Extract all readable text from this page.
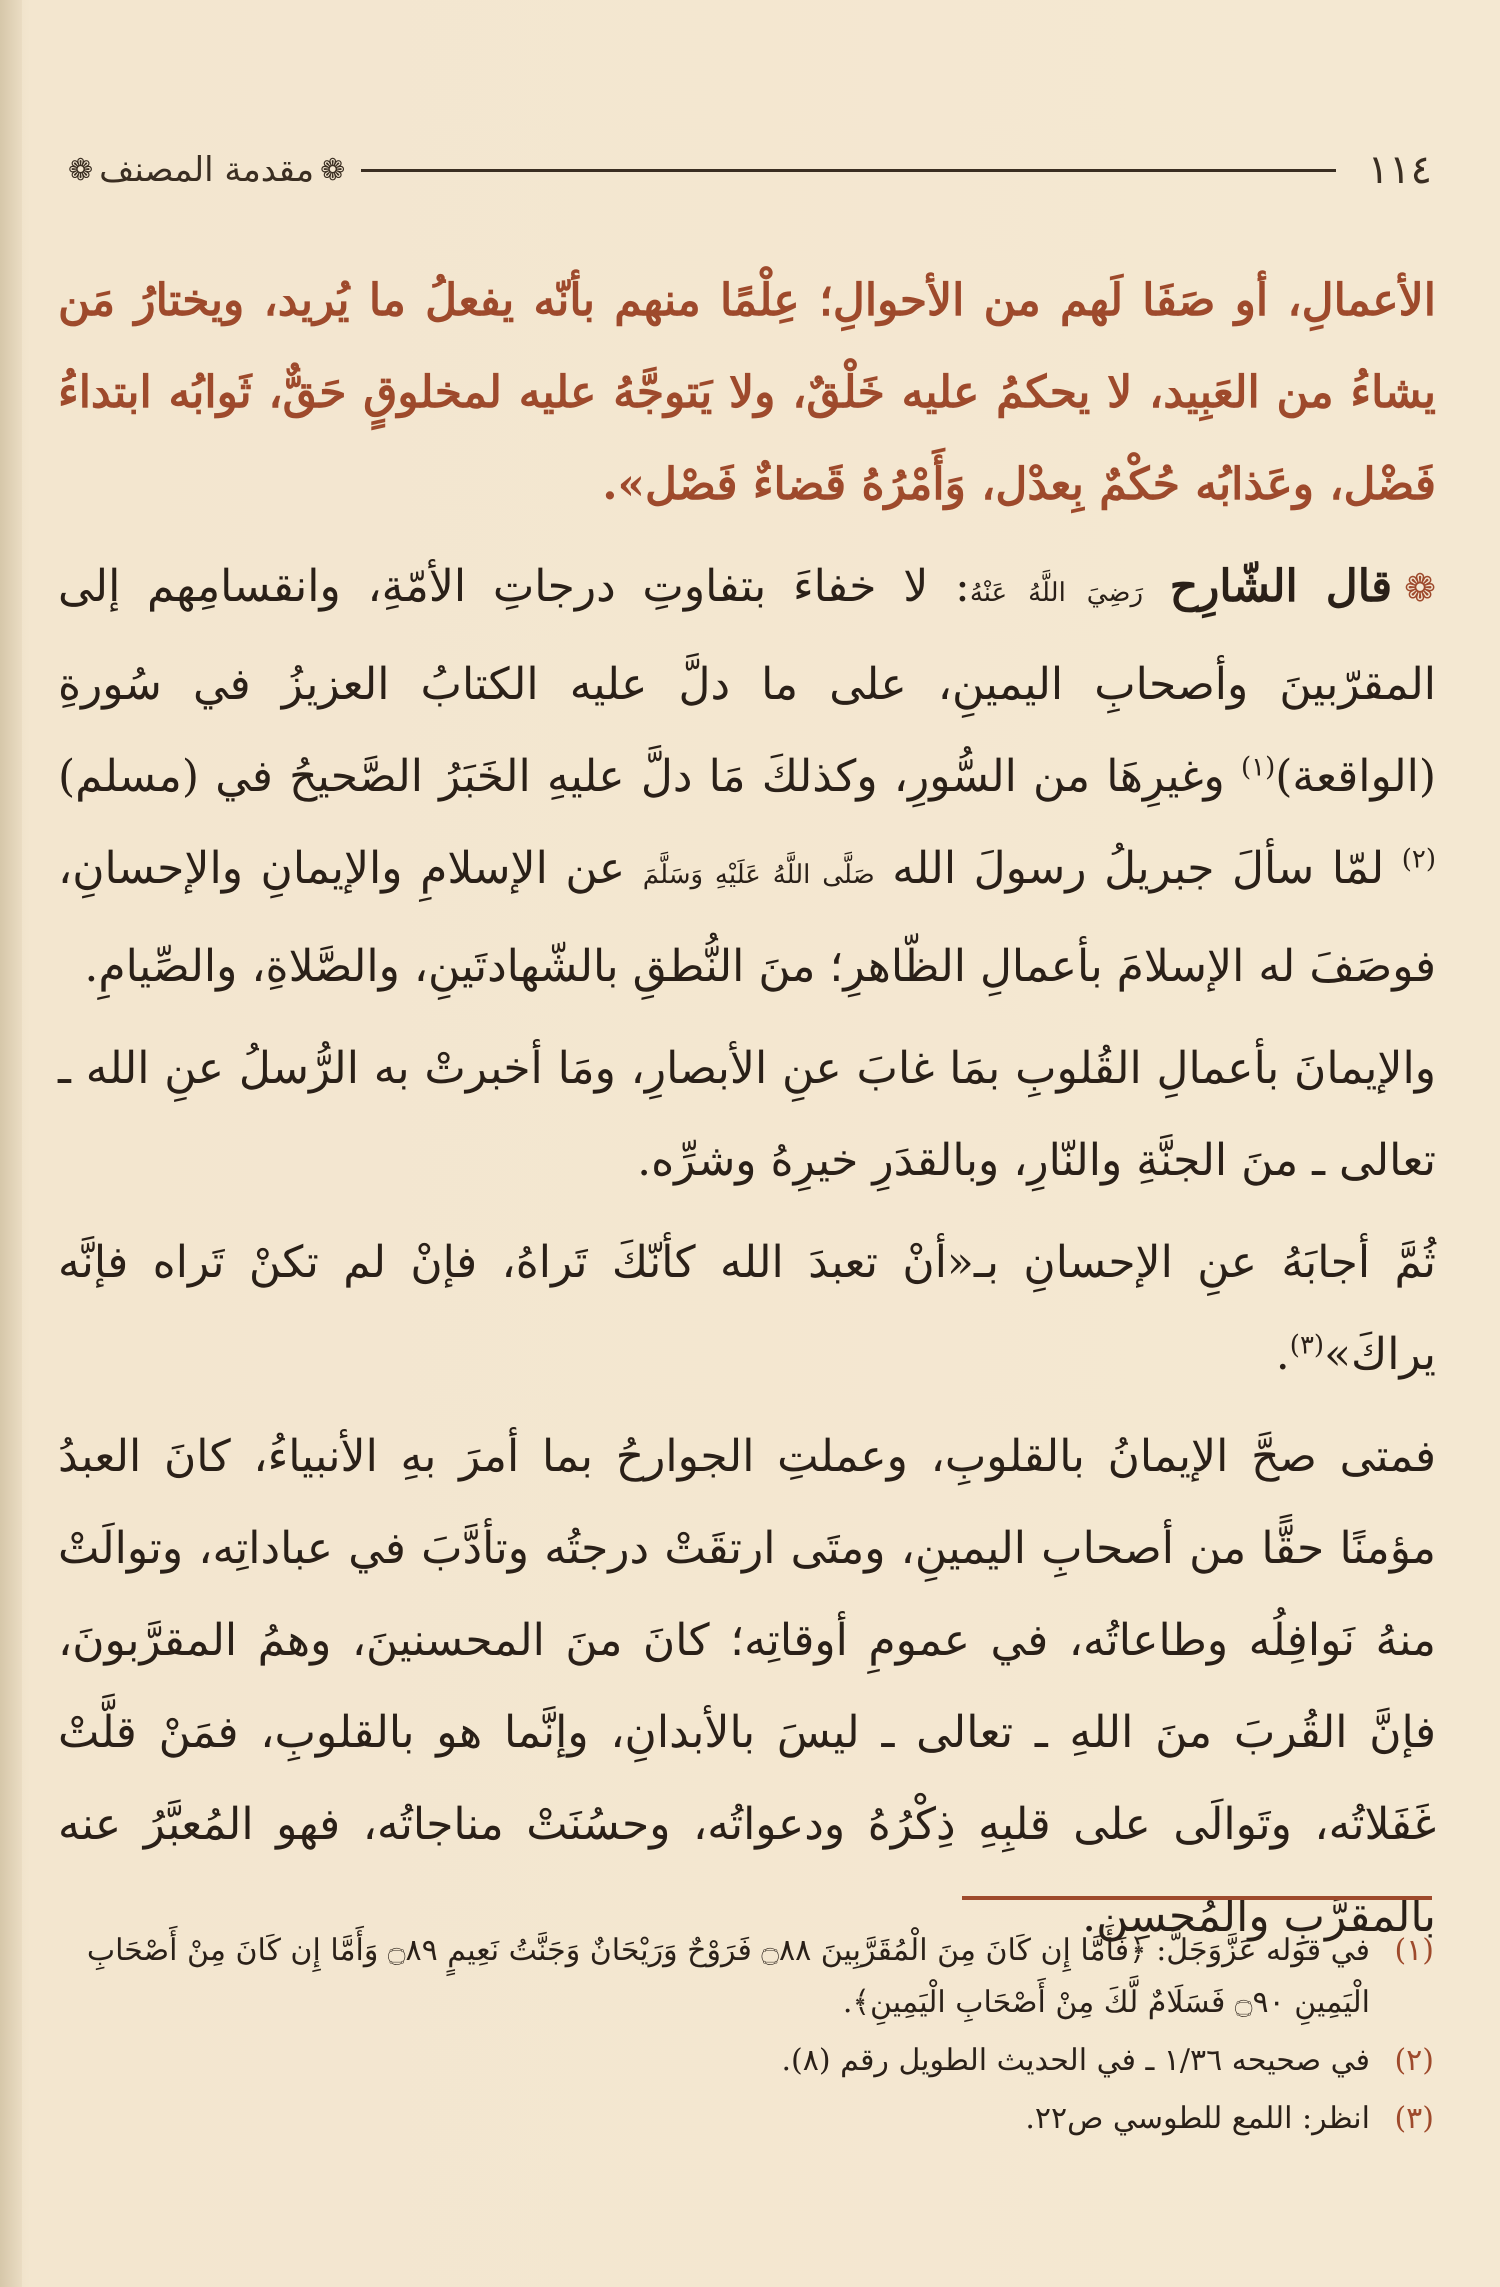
١١٤
❁
مقدمة المصنف
❁

الأعمالِ، أو صَفَا لَهم من الأحوالِ؛ عِلْمًا منهم بأنّه يفعلُ ما يُريد، ويختارُ مَن يشاءُ من العَبِيد، لا يحكمُ عليه خَلْقٌ، ولا يَتوجَّهُ عليه لمخلوقٍ حَقٌّ، ثَوابُه ابتداءُ فَضْل، وعَذابُه حُكْمٌ بِعدْل، وَأَمْرُهُ قَضاءٌ فَصْل».

❁قال الشّارِح رَضِيَ اللَّهُ عَنْهُ: لا خفاءَ بتفاوتِ درجاتِ الأمّةِ، وانقسامِهم إلى المقرّبينَ وأصحابِ اليمينِ، على ما دلَّ عليه الكتابُ العزيزُ في سُورةِ (الواقعة)$^{(١)}$ وغيرِهَا من السُّورِ، وكذلكَ مَا دلَّ عليهِ الخَبَرُ الصَّحيحُ في (مسلم)$^{(٢)}$ لمّا سألَ جبريلُ رسولَ الله صَلَّى اللَّهُ عَلَيْهِ وَسَلَّمَ عن الإسلامِ والإيمانِ والإحسانِ، فوصَفَ له الإسلامَ بأعمالِ الظّاهرِ؛ منَ النُّطقِ بالشّهادتَينِ، والصَّلاةِ، والصِّيامِ.

والإيمانَ بأعمالِ القُلوبِ بمَا غابَ عنِ الأبصارِ، ومَا أخبرتْ به الرُّسلُ عنِ الله ـ تعالى ـ منَ الجنَّةِ والنّارِ، وبالقدَرِ خيرِهُ وشرِّه.

ثُمَّ أجابَهُ عنِ الإحسانِ بـ«أنْ تعبدَ الله كأنّكَ تَراهُ، فإنْ لم تكنْ تَراه فإنَّه يراكَ»$^{(٣)}$.

فمتى صحَّ الإيمانُ بالقلوبِ، وعملتِ الجوارحُ بما أمرَ بهِ الأنبياءُ، كانَ العبدُ مؤمنًا حقًّا من أصحابِ اليمينِ، ومتَى ارتقَتْ درجتُه وتأدَّبَ في عباداتِه، وتوالَتْ منهُ نَوافِلُه وطاعاتُه، في عمومِ أوقاتِه؛ كانَ منَ المحسنينَ، وهمُ المقرَّبونَ، فإنَّ القُربَ منَ اللهِ ـ تعالى ـ ليسَ بالأبدانِ، وإنَّما هو بالقلوبِ، فمَنْ قلَّتْ غَفَلاتُه، وتَوالَى على قلبِهِ ذِكْرُهُ ودعواتُه، وحسُنَتْ مناجاتُه، فهو المُعبَّرُ عنه بالمقرَّبِ والمُحسِن.

(١)
في قوله عَزَّوَجَلَّ: ﴿فَأَمَّا إِن كَانَ مِنَ الْمُقَرَّبِينَ ۝٨٨ فَرَوْحٌ وَرَيْحَانٌ وَجَنَّتُ نَعِيمٍ ۝٨٩ وَأَمَّا إِن كَانَ مِنْ أَصْحَابِ الْيَمِينِ ۝٩٠ فَسَلَامٌ لَّكَ مِنْ أَصْحَابِ الْيَمِينِ﴾.
(٢)
في صحيحه ١/٣٦ ـ في الحديث الطويل رقم (٨).
(٣)
انظر: اللمع للطوسي ص٢٢.
